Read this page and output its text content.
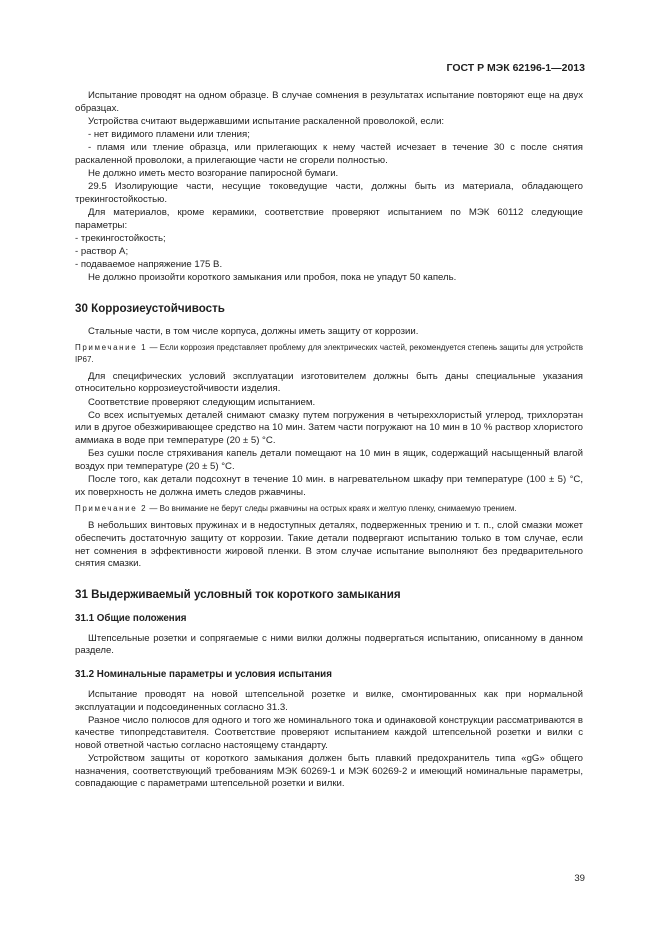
ГОСТ Р МЭК 62196-1—2013

Испытание проводят на одном образце. В случае сомнения в результатах испытание повторяют еще на двух образцах.

Устройства считают выдержавшими испытание раскаленной проволокой, если:

- нет видимого пламени или тления;

- пламя или тление образца, или прилегающих к нему частей исчезает в течение 30 с после снятия раскаленной проволоки, а прилегающие части не сгорели полностью.

Не должно иметь место возгорание папиросной бумаги.

29.5 Изолирующие части, несущие токоведущие части, должны быть из материала, обладающего трекингостойкостью.

Для материалов, кроме керамики, соответствие проверяют испытанием по МЭК 60112 следующие параметры:

- трекингостойкость;

- раствор А;

- подаваемое напряжение 175 В.

Не должно произойти короткого замыкания или пробоя, пока не упадут 50 капель.

30 Коррозиеустойчивость

Стальные части, в том числе корпуса, должны иметь защиту от коррозии.

Примечание 1 — Если коррозия представляет проблему для электрических частей, рекомендуется степень защиты для устройств IP67.

Для специфических условий эксплуатации изготовителем должны быть даны специальные указания относительно коррозиеустойчивости изделия.

Соответствие проверяют следующим испытанием.

Со всех испытуемых деталей снимают смазку путем погружения в четыреххлористый углерод, трихлорэтан или в другое обезжиривающее средство на 10 мин. Затем части погружают на 10 мин в 10 % раствор хлористого аммиака в воде при температуре (20 ± 5) °С.

Без сушки после стряхивания капель детали помещают на 10 мин в ящик, содержащий насыщенный влагой воздух при температуре (20 ± 5) °С.

После того, как детали подсохнут в течение 10 мин. в нагревательном шкафу при температуре (100 ± 5) °С, их поверхность не должна иметь следов ржавчины.

Примечание 2 — Во внимание не берут следы ржавчины на острых краях и желтую пленку, снимаемую трением.

В небольших винтовых пружинах и в недоступных деталях, подверженных трению и т. п., слой смазки может обеспечить достаточную защиту от коррозии. Такие детали подвергают испытанию только в том случае, если нет сомнения в эффективности жировой пленки. В этом случае испытание выполняют без предварительного снятия смазки.

31 Выдерживаемый условный ток короткого замыкания
31.1 Общие положения

Штепсельные розетки и сопрягаемые с ними вилки должны подвергаться испытанию, описанному в данном разделе.

31.2 Номинальные параметры и условия испытания

Испытание проводят на новой штепсельной розетке и вилке, смонтированных как при нормальной эксплуатации и подсоединенных согласно 31.3.

Разное число полюсов для одного и того же номинального тока и одинаковой конструкции рассматриваются в качестве типопредставителя. Соответствие проверяют испытанием каждой штепсельной розетки и вилки с новой ответной частью согласно настоящему стандарту.

Устройством защиты от короткого замыкания должен быть плавкий предохранитель типа «gG» общего назначения, соответствующий требованиям МЭК 60269-1 и МЭК 60269-2 и имеющий номинальные параметры, совпадающие с параметрами штепсельной розетки и вилки.

39
